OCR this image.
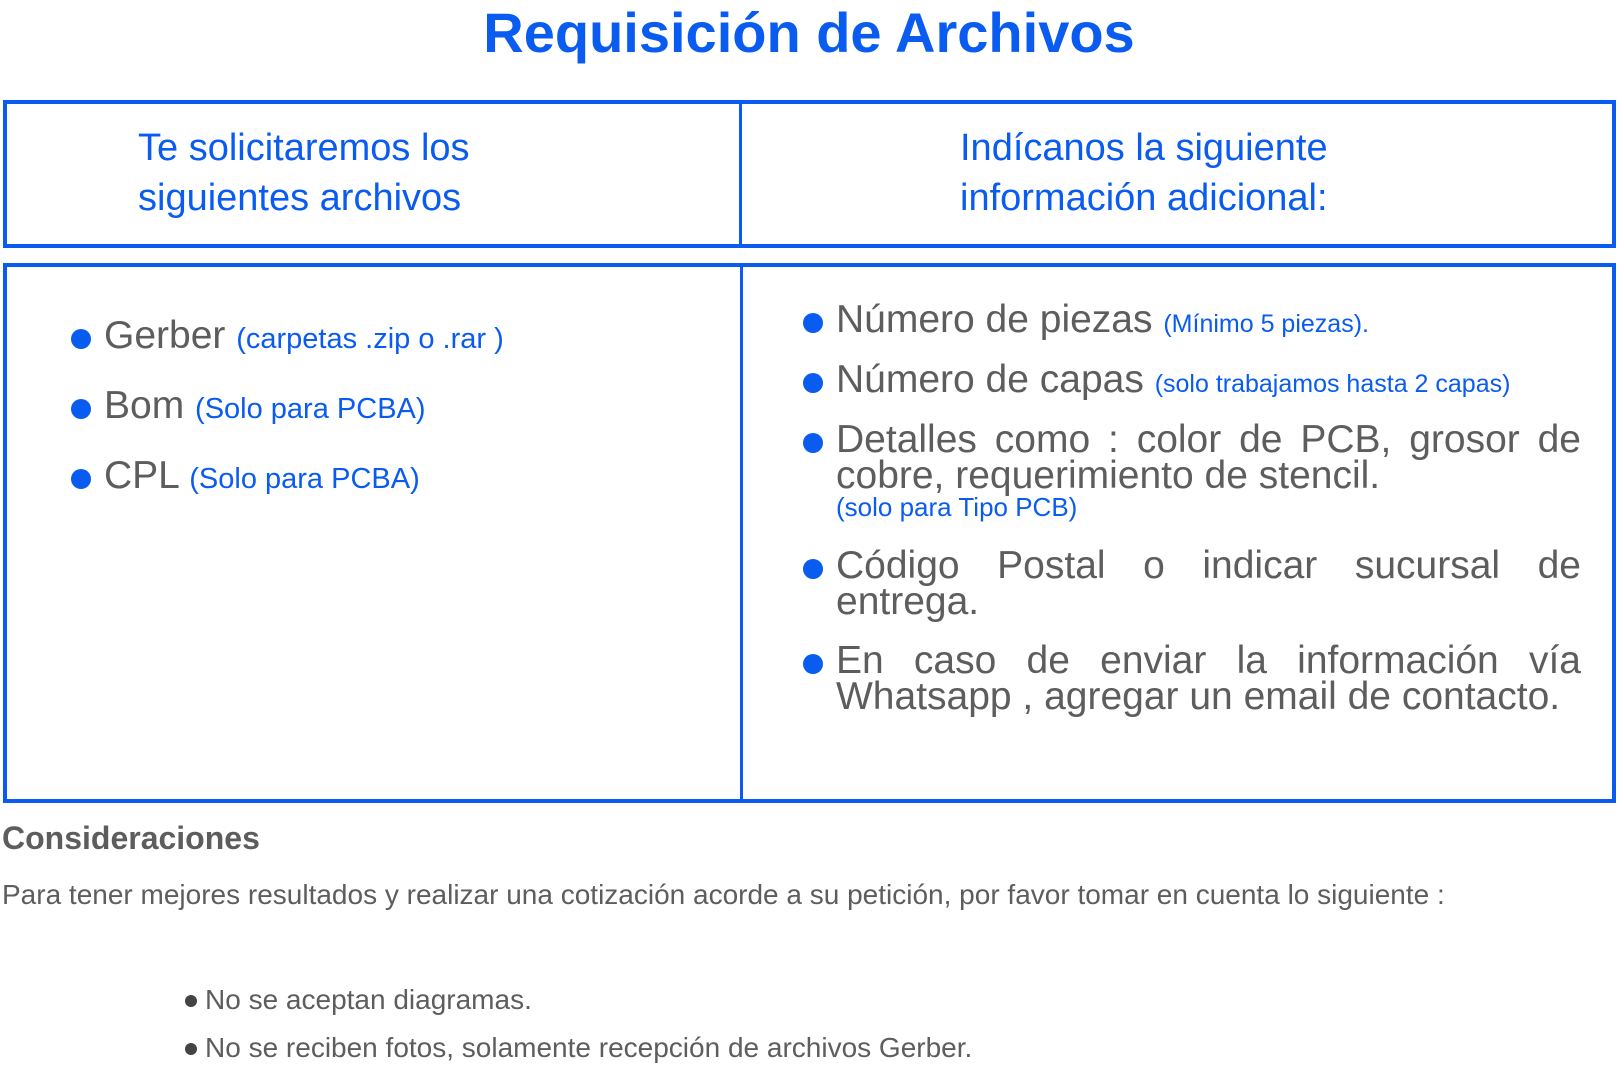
Requisición de Archivos
Te solicitaremos los
siguientes archivos
Indícanos la siguiente
información adicional:
Gerber (carpetas .zip o .rar )
Bom (Solo para PCBA)
CPL (Solo para PCBA)
Número de piezas (Mínimo 5 piezas).
Número de capas (solo trabajamos hasta 2 capas)
Detalles como : color de PCB, grosor de cobre, requerimiento de stencil.
(solo para Tipo PCB)
Código Postal o indicar sucursal de entrega.
En caso de enviar la información vía Whatsapp , agregar un email de contacto.
Consideraciones
Para tener mejores resultados y realizar una cotización acorde a su petición, por favor tomar en cuenta lo siguiente :
No se aceptan diagramas.
No se reciben fotos, solamente recepción de archivos Gerber.
